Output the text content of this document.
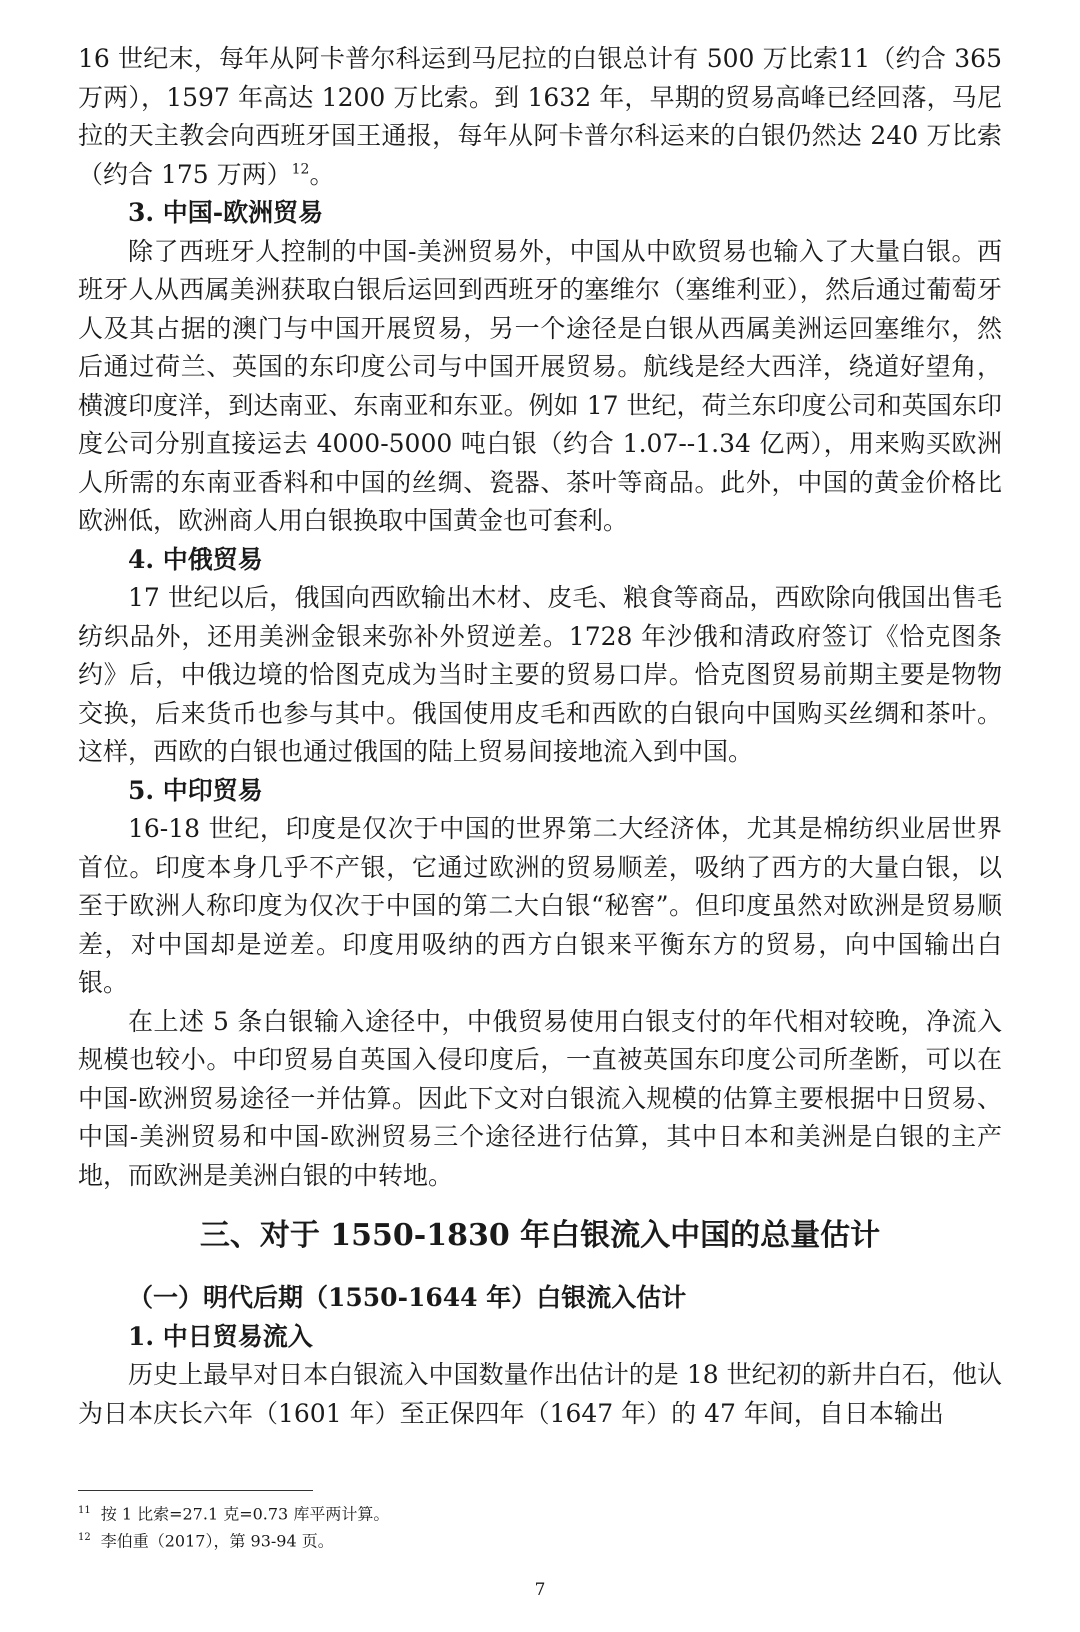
16 世纪末，每年从阿卡普尔科运到马尼拉的白银总计有 500 万比索11（约合 365 万两），1597 年高达 1200 万比索。到 1632 年，早期的贸易高峰已经回落，马尼拉的天主教会向西班牙国王通报，每年从阿卡普尔科运来的白银仍然达 240 万比索（约合 175 万两）$^{12}$。

3. 中国-欧洲贸易

除了西班牙人控制的中国-美洲贸易外，中国从中欧贸易也输入了大量白银。西班牙人从西属美洲获取白银后运回到西班牙的塞维尔（塞维利亚），然后通过葡萄牙人及其占据的澳门与中国开展贸易，另一个途径是白银从西属美洲运回塞维尔，然后通过荷兰、英国的东印度公司与中国开展贸易。航线是经大西洋，绕道好望角，横渡印度洋，到达南亚、东南亚和东亚。例如 17 世纪，荷兰东印度公司和英国东印度公司分别直接运去 4000-5000 吨白银（约合 1.07--1.34 亿两），用来购买欧洲人所需的东南亚香料和中国的丝绸、瓷器、茶叶等商品。此外，中国的黄金价格比欧洲低，欧洲商人用白银换取中国黄金也可套利。

4. 中俄贸易

17 世纪以后，俄国向西欧输出木材、皮毛、粮食等商品，西欧除向俄国出售毛纺织品外，还用美洲金银来弥补外贸逆差。1728 年沙俄和清政府签订《恰克图条约》后，中俄边境的恰图克成为当时主要的贸易口岸。恰克图贸易前期主要是物物交换，后来货币也参与其中。俄国使用皮毛和西欧的白银向中国购买丝绸和茶叶。这样，西欧的白银也通过俄国的陆上贸易间接地流入到中国。

5. 中印贸易

16-18 世纪，印度是仅次于中国的世界第二大经济体，尤其是棉纺织业居世界首位。印度本身几乎不产银，它通过欧洲的贸易顺差，吸纳了西方的大量白银，以至于欧洲人称印度为仅次于中国的第二大白银“秘窖”。但印度虽然对欧洲是贸易顺差，对中国却是逆差。印度用吸纳的西方白银来平衡东方的贸易，向中国输出白银。

在上述 5 条白银输入途径中，中俄贸易使用白银支付的年代相对较晚，净流入规模也较小。中印贸易自英国入侵印度后，一直被英国东印度公司所垄断，可以在中国-欧洲贸易途径一并估算。因此下文对白银流入规模的估算主要根据中日贸易、中国-美洲贸易和中国-欧洲贸易三个途径进行估算，其中日本和美洲是白银的主产地，而欧洲是美洲白银的中转地。

三、对于 1550-1830 年白银流入中国的总量估计

（一）明代后期（1550-1644 年）白银流入估计

1. 中日贸易流入

历史上最早对日本白银流入中国数量作出估计的是 18 世纪初的新井白石，他认为日本庆长六年（1601 年）至正保四年（1647 年）的 47 年间，自日本输出

$^{11}$ 按 1 比索=27.1 克=0.73 库平两计算。

$^{12}$ 李伯重（2017），第 93-94 页。

7
